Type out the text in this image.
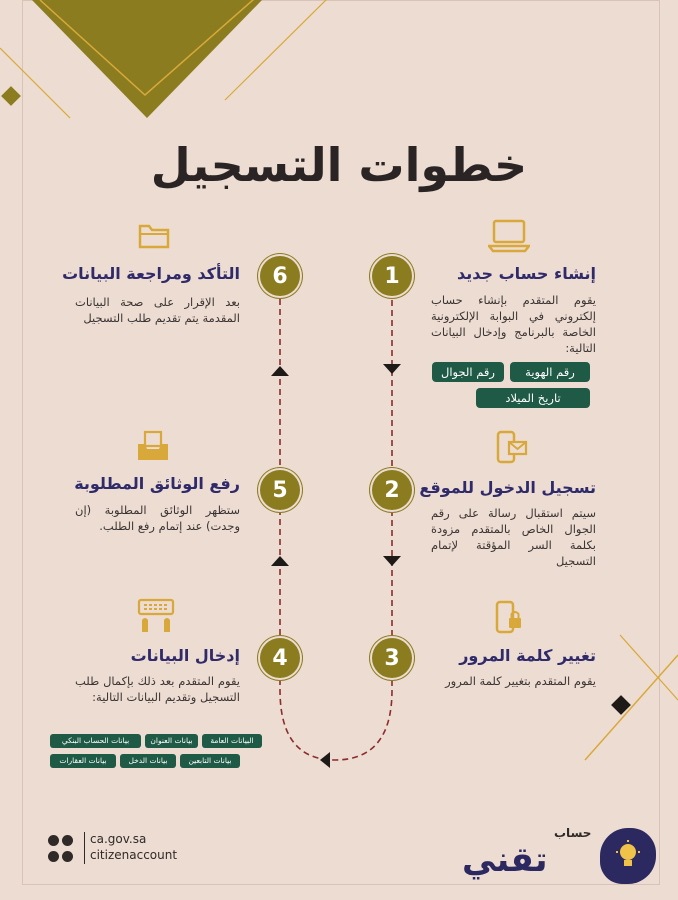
خطوات التسجيل
1
2
3
4
5
6	إنشاء حساب جديد
يقوم المتقدم بإنشاء حساب إلكتروني في البوابة الإلكترونية الخاصة بالبرنامج وإدخال البيانات التالية:
رقم الهوية
رقم الجوال
تاريخ الميلاد
تسجيل الدخول للموقع
سيتم استقبال رسالة على رقم الجوال الخاص بالمتقدم مزودة بكلمة السر المؤقتة لإتمام التسجيل
تغيير كلمة المرور
يقوم المتقدم بتغيير كلمة المرور
التأكد ومراجعة البيانات
بعد الإقرار على صحة البيانات المقدمة يتم تقديم طلب التسجيل
رفع الوثائق المطلوبة
ستظهر الوثائق المطلوبة (إن وجدت) عند إتمام رفع الطلب.
إدخال البيانات
يقوم المتقدم بعد ذلك بإكمال طلب التسجيل وتقديم البيانات التالية:
البيانات العامة
بيانات العنوان
بيانات الحساب البنكي
بيانات التابعين
بيانات الدخل
بيانات العقارات
ca.gov.sa
citizenaccount
حساب
تقني
